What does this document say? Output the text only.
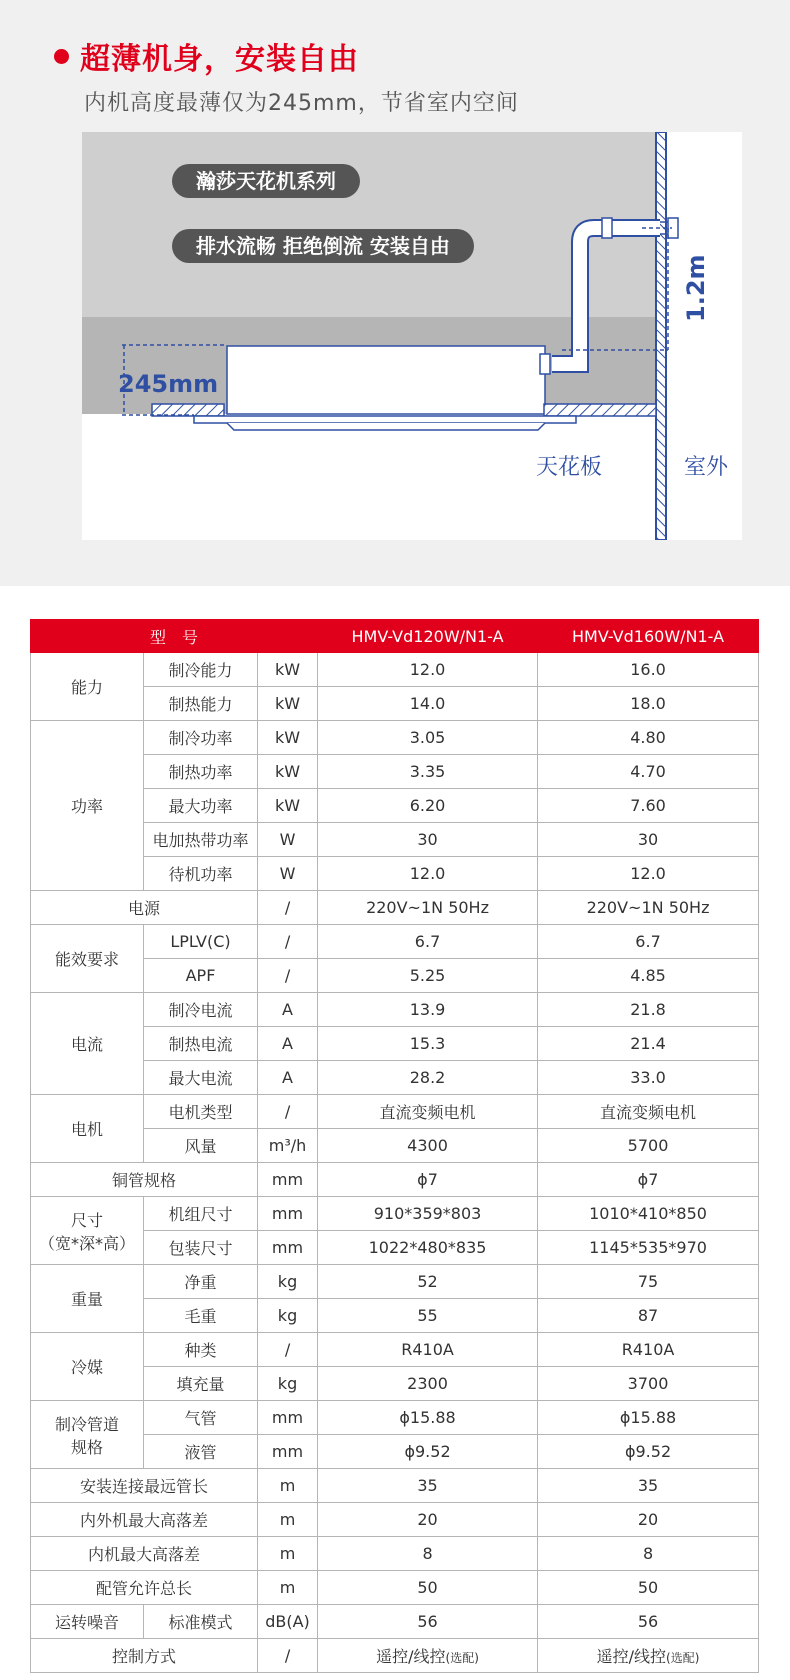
超薄机身，安装自由
内机高度最薄仅为245mm，节省室内空间
瀚莎天花机系列
排水流畅 拒绝倒流 安装自由
245mm
天花板	室外
1.2m
型　号			HMV-Vd120W/N1-A	HMV-Vd160W/N1-A

能力	制冷能力	kW	12.0	16.0
	制热能力	kW	14.0	18.0

功率	制冷功率	kW	3.05	4.80
	制热功率	kW	3.35	4.70
	最大功率	kW	6.20	7.60
	电加热带功率	W	30	30
	待机功率	W	12.0	12.0
电源		/	220V~1N 50Hz	220V~1N 50Hz

能效要求	LPLV(C)	/	6.7	6.7
	APF	/	5.25	4.85

电流	制冷电流	A	13.9	21.8
	制热电流	A	15.3	21.4
	最大电流	A	28.2	33.0

电机	电机类型	/	直流变频电机	直流变频电机
	风量	m³/h	4300	5700
铜管规格		mm	ϕ7	ϕ7

尺寸
（宽*深*高）	机组尺寸	mm	910*359*803	1010*410*850
	包装尺寸	mm	1022*480*835	1145*535*970

重量	净重	kg	52	75
	毛重	kg	55	87

冷媒	种类	/	R410A	R410A
	填充量	kg	2300	3700

制冷管道
规格	气管	mm	ϕ15.88	ϕ15.88
	液管	mm	ϕ9.52	ϕ9.52
安装连接最远管长		m	35	35
内外机最大高落差		m	20	20
内机最大高落差		m	8	8
配管允许总长		m	50	50

运转噪音	标准模式	dB(A)	56	56
控制方式		/	遥控/线控(选配)	遥控/线控(选配)
